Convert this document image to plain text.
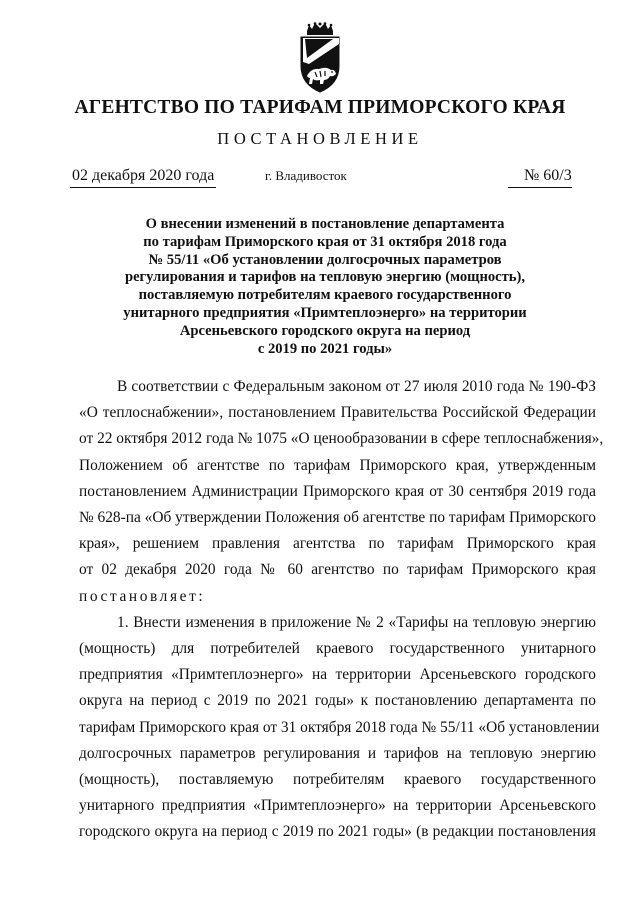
АГЕНТСТВО ПО ТАРИФАМ ПРИМОРСКОГО КРАЯ
ПОСТАНОВЛЕНИЕ
02 декабря 2020 года	г. Владивосток	№ 60/3
О внесении изменений в постановление департамента
по тарифам Приморского края от 31 октября 2018 года
№ 55/11 «Об установлении долгосрочных параметров
регулирования и тарифов на тепловую энергию (мощность),
поставляемую потребителям краевого государственного
унитарного предприятия «Примтеплоэнерго» на территории
Арсеньевского городского округа на период
с 2019 по 2021 годы»
В соответствии с Федеральным законом от 27 июля 2010 года № 190-ФЗ
«О теплоснабжении», постановлением Правительства Российской Федерации
от 22 октября 2012 года № 1075 «О ценообразовании в сфере теплоснабжения»,
Положением об агентстве по тарифам Приморского края, утвержденным
постановлением Администрации Приморского края от 30 сентября 2019 года
№ 628-па «Об утверждении Положения об агентстве по тарифам Приморского
края», решением правления агентства по тарифам Приморского края
от 02 декабря 2020 года № 60 агентство по тарифам Приморского края
постановляет:
1. Внести изменения в приложение № 2 «Тарифы на тепловую энергию
(мощность) для потребителей краевого государственного унитарного
предприятия «Примтеплоэнерго» на территории Арсеньевского городского
округа на период с 2019 по 2021 годы» к постановлению департамента по
тарифам Приморского края от 31 октября 2018 года № 55/11 «Об установлении
долгосрочных параметров регулирования и тарифов на тепловую энергию
(мощность), поставляемую потребителям краевого государственного
унитарного предприятия «Примтеплоэнерго» на территории Арсеньевского
городского округа на период с 2019 по 2021 годы» (в редакции постановления
